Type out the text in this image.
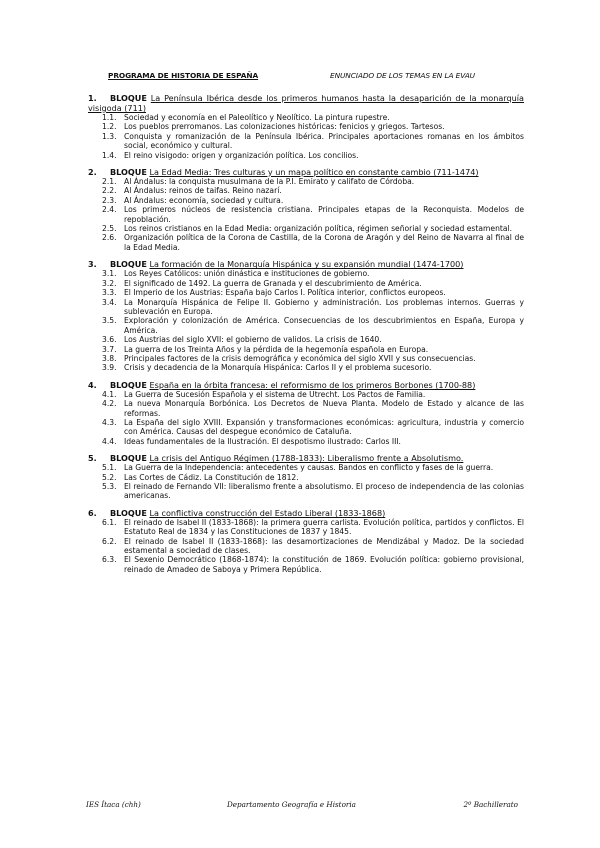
PROGRAMA DE HISTORIA DE ESPAÑA	ENUNCIADO DE LOS TEMAS EN LA EVAU
1. BLOQUE La Península Ibérica desde los primeros humanos hasta la desaparición de la monarquía visigoda (711)
1.1. Sociedad y economía en el Paleolítico y Neolítico. La pintura rupestre.
1.2. Los pueblos prerromanos. Las colonizaciones históricas: fenicios y griegos. Tartesos.
1.3. Conquista y romanización de la Península Ibérica. Principales aportaciones romanas en los ámbitos social, económico y cultural.
1.4. El reino visigodo: origen y organización política. Los concilios.
2. BLOQUE La Edad Media: Tres culturas y un mapa político en constante cambio (711-1474)
2.1. Al Ándalus: la conquista musulmana de la P.I. Emirato y califato de Córdoba.
2.2. Al Ándalus: reinos de taifas. Reino nazarí.
2.3. Al Ándalus: economía, sociedad y cultura.
2.4. Los primeros núcleos de resistencia cristiana. Principales etapas de la Reconquista. Modelos de repoblación.
2.5. Los reinos cristianos en la Edad Media: organización política, régimen señorial y sociedad estamental.
2.6. Organización política de la Corona de Castilla, de la Corona de Aragón y del Reino de Navarra al final de la Edad Media.
3. BLOQUE La formación de la Monarquía Hispánica y su expansión mundial (1474-1700)
3.1. Los Reyes Católicos: unión dinástica e instituciones de gobierno.
3.2. El significado de 1492. La guerra de Granada y el descubrimiento de América.
3.3. El Imperio de los Austrias: España bajo Carlos I. Política interior, conflictos europeos.
3.4. La Monarquía Hispánica de Felipe II. Gobierno y administración. Los problemas internos. Guerras y sublevación en Europa.
3.5. Exploración y colonización de América. Consecuencias de los descubrimientos en España, Europa y América.
3.6. Los Austrias del siglo XVII: el gobierno de validos. La crisis de 1640.
3.7. La guerra de los Treinta Años y la pérdida de la hegemonía española en Europa.
3.8. Principales factores de la crisis demográfica y económica del siglo XVII y sus consecuencias.
3.9. Crisis y decadencia de la Monarquía Hispánica: Carlos II y el problema sucesorio.
4. BLOQUE España en la órbita francesa: el reformismo de los primeros Borbones (1700-88)
4.1. La Guerra de Sucesión Española y el sistema de Utrecht. Los Pactos de Familia.
4.2. La nueva Monarquía Borbónica. Los Decretos de Nueva Planta. Modelo de Estado y alcance de las reformas.
4.3. La España del siglo XVIII. Expansión y transformaciones económicas: agricultura, industria y comercio con América. Causas del despegue económico de Cataluña.
4.4. Ideas fundamentales de la Ilustración. El despotismo ilustrado: Carlos III.
5. BLOQUE La crisis del Antiguo Régimen (1788-1833): Liberalismo frente a Absolutismo.
5.1. La Guerra de la Independencia: antecedentes y causas. Bandos en conflicto y fases de la guerra.
5.2. Las Cortes de Cádiz. La Constitución de 1812.
5.3. El reinado de Fernando VII: liberalismo frente a absolutismo. El proceso de independencia de las colonias americanas.
6. BLOQUE La conflictiva construcción del Estado Liberal (1833-1868)
6.1. El reinado de Isabel II (1833-1868): la primera guerra carlista. Evolución política, partidos y conflictos. El Estatuto Real de 1834 y las Constituciones de 1837 y 1845.
6.2. El reinado de Isabel II (1833-1868): las desamortizaciones de Mendizábal y Madoz. De la sociedad estamental a sociedad de clases.
6.3. El Sexenio Democrático (1868-1874): la constitución de 1869. Evolución política: gobierno provisional, reinado de Amadeo de Saboya y Primera República.
IES Ítaca (chh)	Departamento Geografía e Historia	2º Bachillerato
